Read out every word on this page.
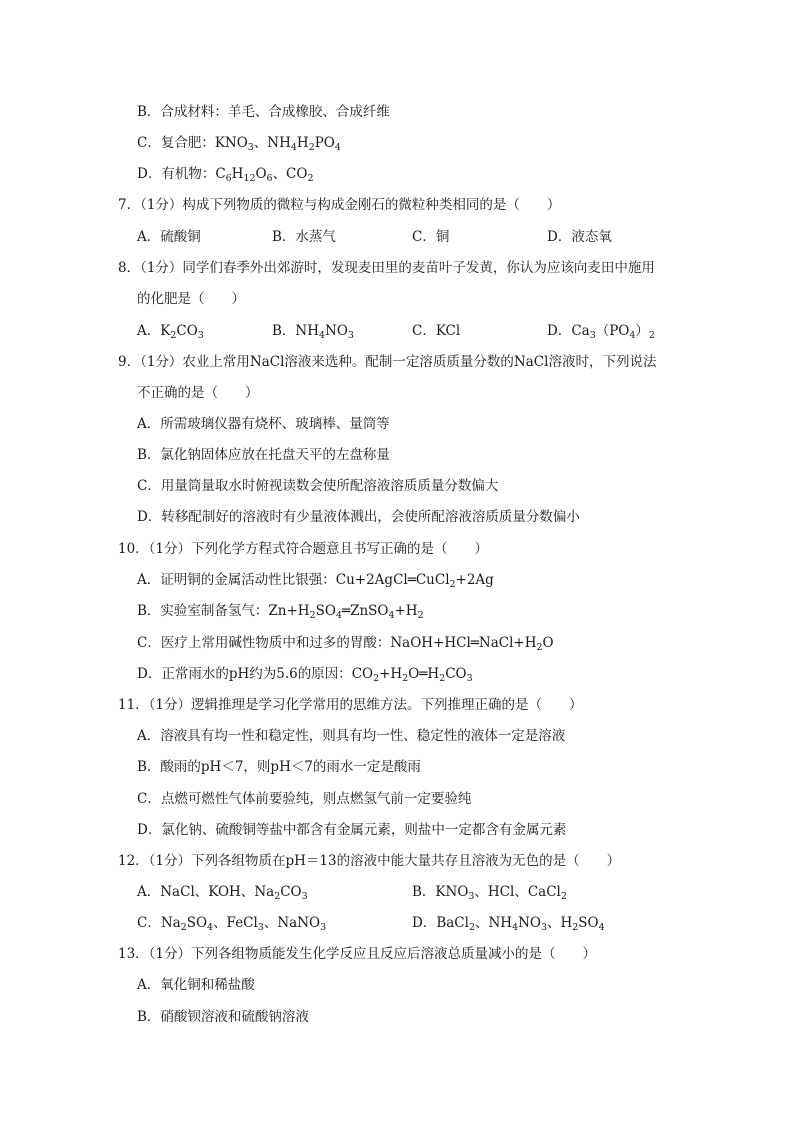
B．合成材料：羊毛、合成橡胶、合成纤维
C．复合肥：$KNO_3$、$NH_4H_2PO_4$
D．有机物：$C_6H_{12}O_6$、$CO_2$
7．（1分）构成下列物质的微粒与构成金刚石的微粒种类相同的是（　　）
A．硫酸铜	B．水蒸气	C．铜	D．液态氧
8．（1分）同学们春季外出郊游时，发现麦田里的麦苗叶子发黄，你认为应该向麦田中施用
的化肥是（　　）
A．$K_2CO_3$	B．$NH_4NO_3$	C．KCl	D．$Ca_3(PO_4)_2$
9．（1分）农业上常用NaCl溶液来选种。配制一定溶质质量分数的NaCl溶液时，下列说法
不正确的是（　　）
A．所需玻璃仪器有烧杯、玻璃棒、量筒等
B．氯化钠固体应放在托盘天平的左盘称量
C．用量筒量取水时俯视读数会使所配溶液溶质质量分数偏大
D．转移配制好的溶液时有少量液体溅出，会使所配溶液溶质质量分数偏小
10．（1分）下列化学方程式符合题意且书写正确的是（　　）
A．证明铜的金属活动性比银强：Cu+2AgCl═CuCl$_2$+2Ag
B．实验室制备氢气：$Zn+H_2SO_4═ZnSO_4+H_2$
C．医疗上常用碱性物质中和过多的胃酸：$NaOH+HCl═NaCl+H_2O$
D．正常雨水的pH约为5.6的原因：$CO_2+H_2O═H_2CO_3$
11．（1分）逻辑推理是学习化学常用的思维方法。下列推理正确的是（　　）
A．溶液具有均一性和稳定性，则具有均一性、稳定性的液体一定是溶液
B．酸雨的pH＜7，则pH＜7的雨水一定是酸雨
C．点燃可燃性气体前要验纯，则点燃氢气前一定要验纯
D．氯化钠、硫酸铜等盐中都含有金属元素，则盐中一定都含有金属元素
12．（1分）下列各组物质在pH＝13的溶液中能大量共存且溶液为无色的是（　　）
A．NaCl、KOH、$Na_2CO_3$	B．$KNO_3$、HCl、CaCl$_2$
C．$Na_2SO_4$、FeCl$_3$、NaNO$_3$	D．BaCl$_2$、$NH_4NO_3$、$H_2SO_4$
13．（1分）下列各组物质能发生化学反应且反应后溶液总质量减小的是（　　）
A．氧化铜和稀盐酸
B．硝酸钡溶液和硫酸钠溶液
